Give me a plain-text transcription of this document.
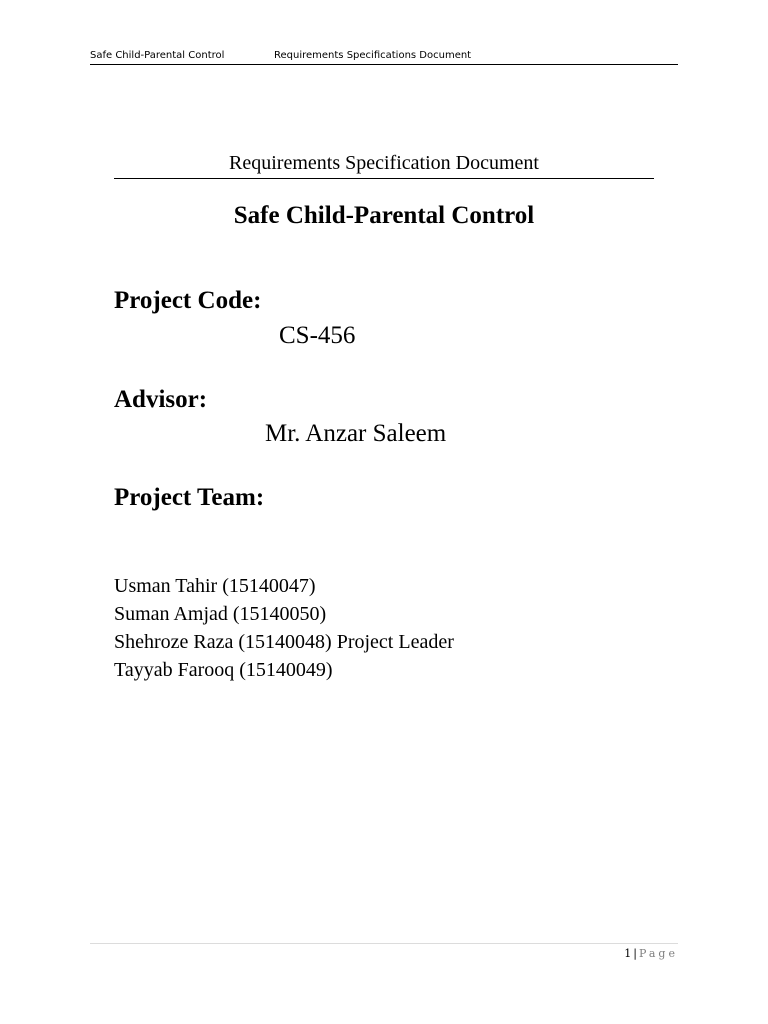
Safe Child-Parental Control	Requirements Specifications Document
Requirements Specification Document
Safe Child-Parental Control
Project Code:
CS-456
Advisor:
Mr. Anzar Saleem
Project Team:
Usman Tahir (15140047)
Suman Amjad (15140050)
Shehroze Raza (15140048) Project Leader
Tayyab Farooq (15140049)
1 | Page
